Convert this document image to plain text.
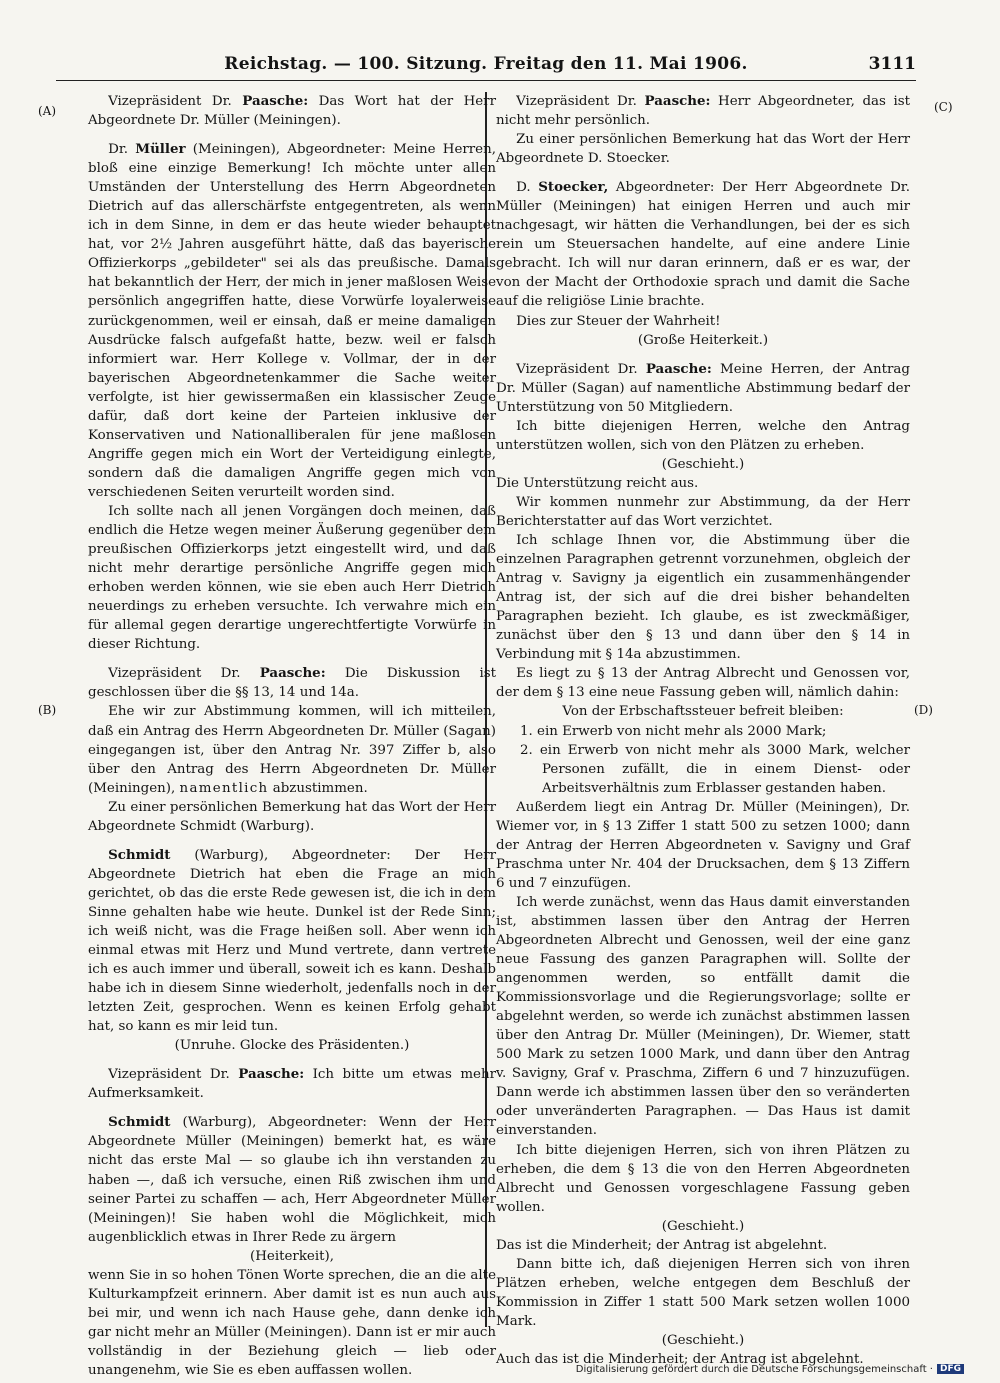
Reichstag. — 100. Sitzung. Freitag den 11. Mai 1906.	3111
(A)
(B)
(C)
(D)

Vizepräsident Dr. Paasche: Das Wort hat der Herr Abgeordnete Dr. Müller (Meiningen).

Dr. Müller (Meiningen), Abgeordneter: Meine Herren, bloß eine einzige Bemerkung! Ich möchte unter allen Umständen der Unterstellung des Herrn Abgeordneten Dietrich auf das allerschärfste entgegentreten, als wenn ich in dem Sinne, in dem er das heute wieder behauptet hat, vor 2½ Jahren ausgeführt hätte, daß das bayerische Offizierkorps „gebildeter" sei als das preußische. Damals hat bekanntlich der Herr, der mich in jener maßlosen Weise persönlich angegriffen hatte, diese Vorwürfe loyalerweise zurückgenommen, weil er einsah, daß er meine damaligen Ausdrücke falsch aufgefaßt hatte, bezw. weil er falsch informiert war. Herr Kollege v. Vollmar, der in der bayerischen Abgeordnetenkammer die Sache weiter verfolgte, ist hier gewissermaßen ein klassischer Zeuge dafür, daß dort keine der Parteien inklusive der Konservativen und Nationalliberalen für jene maßlosen Angriffe gegen mich ein Wort der Verteidigung einlegte, sondern daß die damaligen Angriffe gegen mich von verschiedenen Seiten verurteilt worden sind.

Ich sollte nach all jenen Vorgängen doch meinen, daß endlich die Hetze wegen meiner Äußerung gegenüber dem preußischen Offizierkorps jetzt eingestellt wird, und daß nicht mehr derartige persönliche Angriffe gegen mich erhoben werden können, wie sie eben auch Herr Dietrich neuerdings zu erheben versuchte. Ich verwahre mich ein für allemal gegen derartige ungerechtfertigte Vorwürfe in dieser Richtung.

Vizepräsident Dr. Paasche: Die Diskussion ist geschlossen über die §§ 13, 14 und 14a.

Ehe wir zur Abstimmung kommen, will ich mitteilen, daß ein Antrag des Herrn Abgeordneten Dr. Müller (Sagan) eingegangen ist, über den Antrag Nr. 397 Ziffer b, also über den Antrag des Herrn Abgeordneten Dr. Müller (Meiningen), namentlich abzustimmen.

Zu einer persönlichen Bemerkung hat das Wort der Herr Abgeordnete Schmidt (Warburg).

Schmidt (Warburg), Abgeordneter: Der Herr Abgeordnete Dietrich hat eben die Frage an mich gerichtet, ob das die erste Rede gewesen ist, die ich in dem Sinne gehalten habe wie heute. Dunkel ist der Rede Sinn; ich weiß nicht, was die Frage heißen soll. Aber wenn ich einmal etwas mit Herz und Mund vertrete, dann vertrete ich es auch immer und überall, soweit ich es kann. Deshalb habe ich in diesem Sinne wiederholt, jedenfalls noch in der letzten Zeit, gesprochen. Wenn es keinen Erfolg gehabt hat, so kann es mir leid tun.

(Unruhe. Glocke des Präsidenten.)

Vizepräsident Dr. Paasche: Ich bitte um etwas mehr Aufmerksamkeit.

Schmidt (Warburg), Abgeordneter: Wenn der Herr Abgeordnete Müller (Meiningen) bemerkt hat, es wäre nicht das erste Mal — so glaube ich ihn verstanden zu haben —, daß ich versuche, einen Riß zwischen ihm und seiner Partei zu schaffen — ach, Herr Abgeordneter Müller (Meiningen)! Sie haben wohl die Möglichkeit, mich augenblicklich etwas in Ihrer Rede zu ärgern

(Heiterkeit),

wenn Sie in so hohen Tönen Worte sprechen, die an die alte Kulturkampfzeit erinnern. Aber damit ist es nun auch aus bei mir, und wenn ich nach Hause gehe, dann denke ich gar nicht mehr an Müller (Meiningen). Dann ist er mir auch vollständig in der Beziehung gleich — lieb oder unangenehm, wie Sie es eben auffassen wollen.

Vizepräsident Dr. Paasche: Herr Abgeordneter, das ist nicht mehr persönlich.

Zu einer persönlichen Bemerkung hat das Wort der Herr Abgeordnete D. Stoecker.

D. Stoecker, Abgeordneter: Der Herr Abgeordnete Dr. Müller (Meiningen) hat einigen Herren und auch mir nachgesagt, wir hätten die Verhandlungen, bei der es sich rein um Steuersachen handelte, auf eine andere Linie gebracht. Ich will nur daran erinnern, daß er es war, der von der Macht der Orthodoxie sprach und damit die Sache auf die religiöse Linie brachte.

Dies zur Steuer der Wahrheit!

(Große Heiterkeit.)

Vizepräsident Dr. Paasche: Meine Herren, der Antrag Dr. Müller (Sagan) auf namentliche Abstimmung bedarf der Unterstützung von 50 Mitgliedern.

Ich bitte diejenigen Herren, welche den Antrag unterstützen wollen, sich von den Plätzen zu erheben.

(Geschieht.)

Die Unterstützung reicht aus.

Wir kommen nunmehr zur Abstimmung, da der Herr Berichterstatter auf das Wort verzichtet.

Ich schlage Ihnen vor, die Abstimmung über die einzelnen Paragraphen getrennt vorzunehmen, obgleich der Antrag v. Savigny ja eigentlich ein zusammenhängender Antrag ist, der sich auf die drei bisher behandelten Paragraphen bezieht. Ich glaube, es ist zweckmäßiger, zunächst über den § 13 und dann über den § 14 in Verbindung mit § 14a abzustimmen.

Es liegt zu § 13 der Antrag Albrecht und Genossen vor, der dem § 13 eine neue Fassung geben will, nämlich dahin:

Von der Erbschaftssteuer befreit bleiben:

1. ein Erwerb von nicht mehr als 2000 Mark;
2. ein Erwerb von nicht mehr als 3000 Mark, welcher Personen zufällt, die in einem Dienst- oder Arbeitsverhältnis zum Erblasser gestanden haben.

Außerdem liegt ein Antrag Dr. Müller (Meiningen), Dr. Wiemer vor, in § 13 Ziffer 1 statt 500 zu setzen 1000; dann der Antrag der Herren Abgeordneten v. Savigny und Graf Praschma unter Nr. 404 der Drucksachen, dem § 13 Ziffern 6 und 7 einzufügen.

Ich werde zunächst, wenn das Haus damit einverstanden ist, abstimmen lassen über den Antrag der Herren Abgeordneten Albrecht und Genossen, weil der eine ganz neue Fassung des ganzen Paragraphen will. Sollte der angenommen werden, so entfällt damit die Kommissionsvorlage und die Regierungsvorlage; sollte er abgelehnt werden, so werde ich zunächst abstimmen lassen über den Antrag Dr. Müller (Meiningen), Dr. Wiemer, statt 500 Mark zu setzen 1000 Mark, und dann über den Antrag v. Savigny, Graf v. Praschma, Ziffern 6 und 7 hinzuzufügen. Dann werde ich abstimmen lassen über den so veränderten oder unveränderten Paragraphen. — Das Haus ist damit einverstanden.

Ich bitte diejenigen Herren, sich von ihren Plätzen zu erheben, die dem § 13 die von den Herren Abgeordneten Albrecht und Genossen vorgeschlagene Fassung geben wollen.

(Geschieht.)

Das ist die Minderheit; der Antrag ist abgelehnt.

Dann bitte ich, daß diejenigen Herren sich von ihren Plätzen erheben, welche entgegen dem Beschluß der Kommission in Ziffer 1 statt 500 Mark setzen wollen 1000 Mark.

(Geschieht.)

Auch das ist die Minderheit; der Antrag ist abgelehnt.

Digitalisierung gefördert durch die Deutsche Forschungsgemeinschaft · DFG
